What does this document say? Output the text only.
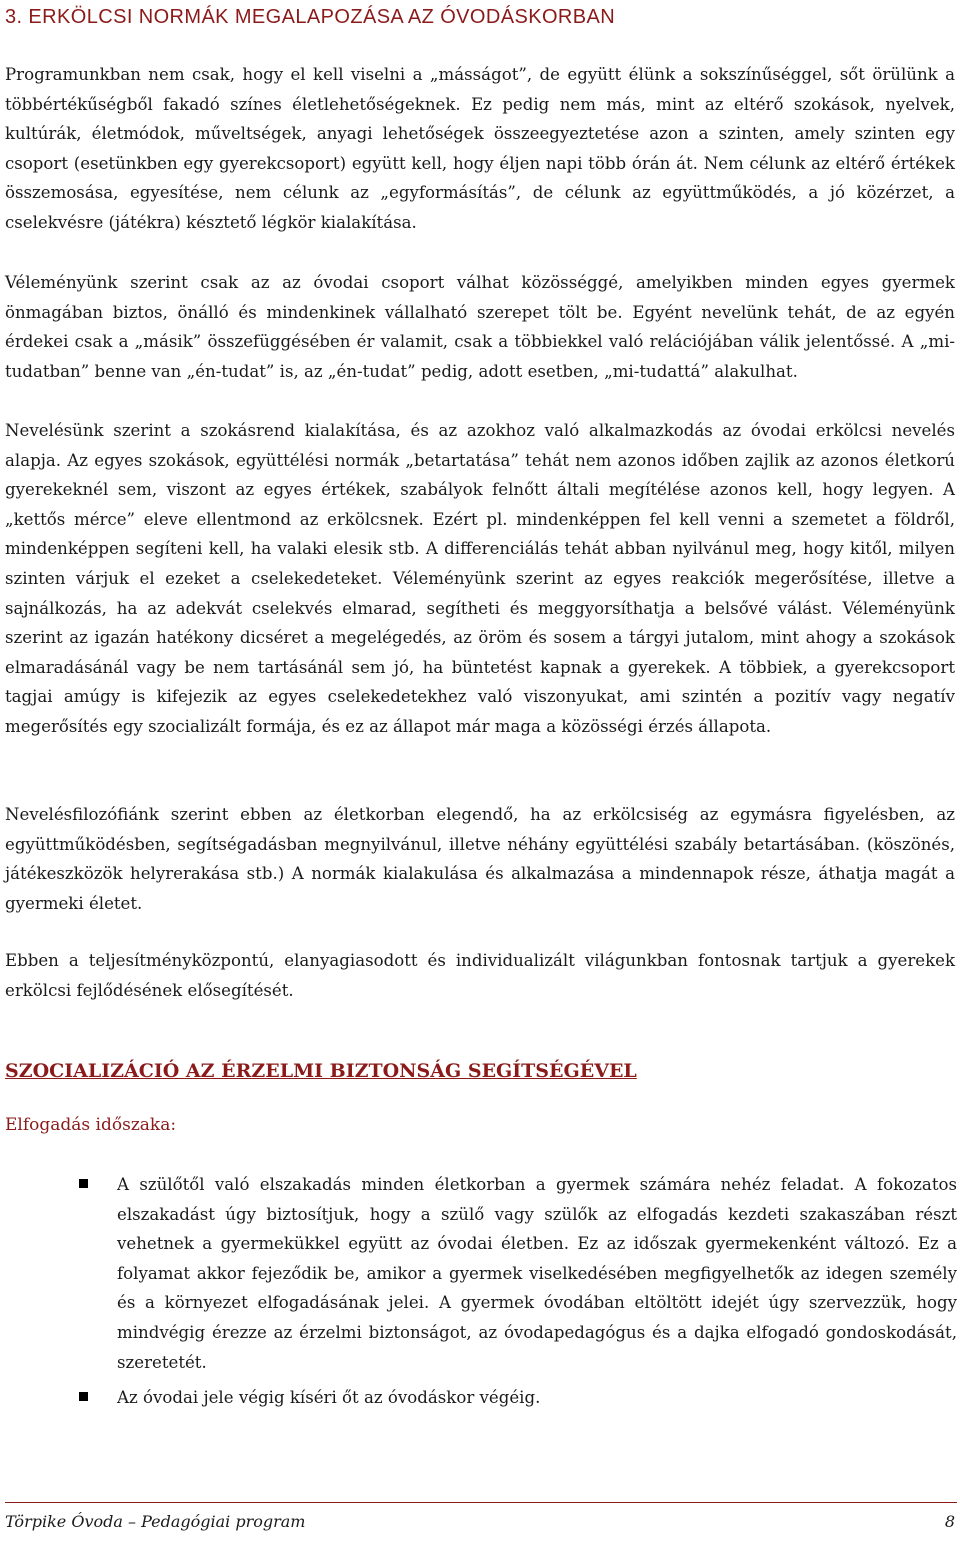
3. ERKÖLCSI NORMÁK MEGALAPOZÁSA AZ ÓVODÁSKORBAN

Programunkban nem csak, hogy el kell viselni a „másságot”, de együtt élünk a sokszínűséggel, sőt örülünk a többértékűségből fakadó színes életlehetőségeknek. Ez pedig nem más, mint az eltérő szokások, nyelvek, kultúrák, életmódok, műveltségek, anyagi lehetőségek összeegyeztetése azon a szinten, amely szinten egy csoport (esetünkben egy gyerekcsoport) együtt kell, hogy éljen napi több órán át. Nem célunk az eltérő értékek összemosása, egyesítése, nem célunk az „egyformásítás”, de célunk az együttműködés, a jó közérzet, a cselekvésre (játékra) késztető légkör kialakítása.

Véleményünk szerint csak az az óvodai csoport válhat közösséggé, amelyikben minden egyes gyermek önmagában biztos, önálló és mindenkinek vállalható szerepet tölt be. Egyént nevelünk tehát, de az egyén érdekei csak a „másik” összefüggésében ér valamit, csak a többiekkel való relációjában válik jelentőssé. A „mi-tudatban” benne van „én-tudat” is, az „én-tudat” pedig, adott esetben, „mi-tudattá” alakulhat.

Nevelésünk szerint a szokásrend kialakítása, és az azokhoz való alkalmazkodás az óvodai erkölcsi nevelés alapja. Az egyes szokások, együttélési normák „betartatása” tehát nem azonos időben zajlik az azonos életkorú gyerekeknél sem, viszont az egyes értékek, szabályok felnőtt általi megítélése azonos kell, hogy legyen. A „kettős mérce” eleve ellentmond az erkölcsnek. Ezért pl. mindenképpen fel kell venni a szemetet a földről, mindenképpen segíteni kell, ha valaki elesik stb. A differenciálás tehát abban nyilvánul meg, hogy kitől, milyen szinten várjuk el ezeket a cselekedeteket. Véleményünk szerint az egyes reakciók megerősítése, illetve a sajnálkozás, ha az adekvát cselekvés elmarad, segítheti és meggyorsíthatja a belsővé válást. Véleményünk szerint az igazán hatékony dicséret a megelégedés, az öröm és sosem a tárgyi jutalom, mint ahogy a szokások elmaradásánál vagy be nem tartásánál sem jó, ha büntetést kapnak a gyerekek. A többiek, a gyerekcsoport tagjai amúgy is kifejezik az egyes cselekedetekhez való viszonyukat, ami szintén a pozitív vagy negatív megerősítés egy szocializált formája, és ez az állapot már maga a közösségi érzés állapota.

Nevelésfilozófiánk szerint ebben az életkorban elegendő, ha az erkölcsiség az egymásra figyelésben, az együttműködésben, segítségadásban megnyilvánul, illetve néhány együttélési szabály betartásában. (köszönés, játékeszközök helyrerakása stb.) A normák kialakulása és alkalmazása a mindennapok része, áthatja magát a gyermeki életet.

Ebben a teljesítményközpontú, elanyagiasodott és individualizált világunkban fontosnak tartjuk a gyerekek erkölcsi fejlődésének elősegítését.

SZOCIALIZÁCIÓ AZ ÉRZELMI BIZTONSÁG SEGÍTSÉGÉVEL
Elfogadás időszaka:
A szülőtől való elszakadás minden életkorban a gyermek számára nehéz feladat. A fokozatos elszakadást úgy biztosítjuk, hogy a szülő vagy szülők az elfogadás kezdeti szakaszában részt vehetnek a gyermekükkel együtt az óvodai életben. Ez az időszak gyermekenként változó. Ez a folyamat akkor fejeződik be, amikor a gyermek viselkedésében megfigyelhetők az idegen személy és a környezet elfogadásának jelei. A gyermek óvodában eltöltött idejét úgy szervezzük, hogy mindvégig érezze az érzelmi biztonságot, az óvodapedagógus és a dajka elfogadó gondoskodását, szeretetét.
Az óvodai jele végig kíséri őt az óvodáskor végéig.
Törpike Óvoda – Pedagógiai program	8
